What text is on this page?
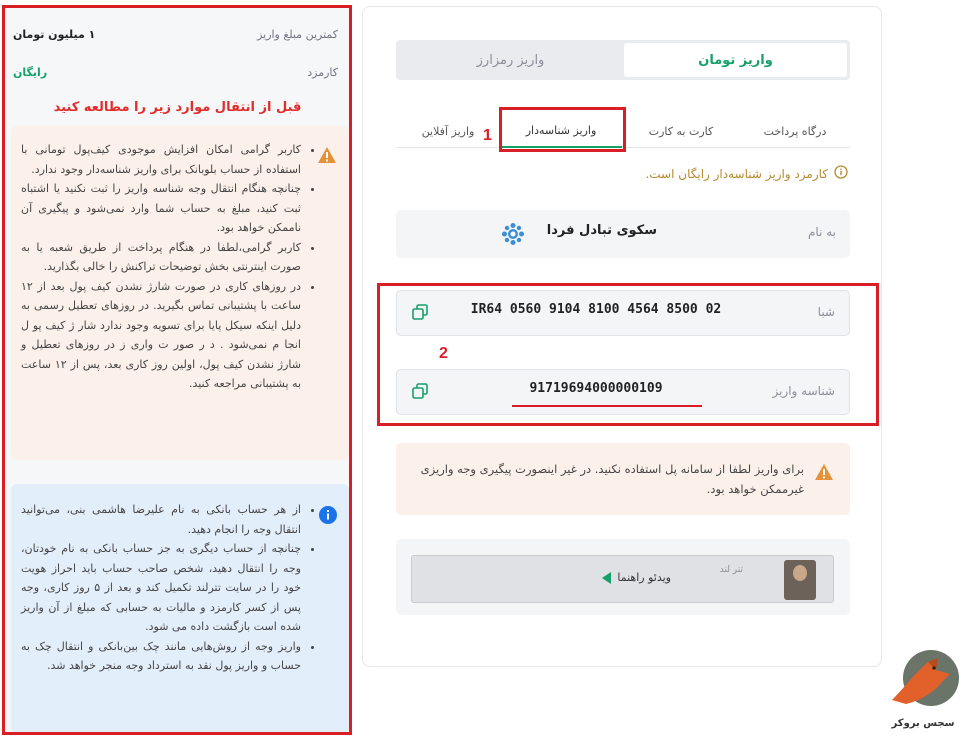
کمترین مبلغ واریز
۱ میلیون تومان
کارمزد
رایگان
قبل از انتقال موارد زیر را مطالعه کنید
• کاربر گرامی امکان افزایش موجودی کیف‌پول تومانی با استفاده از حساب بلوبانک برای واریز شناسه‌دار وجود ندارد.
• چنانچه هنگام انتقال وجه شناسه واریز را ثبت نکنید یا اشتباه ثبت کنید، مبلغ به حساب شما وارد نمی‌شود و پیگیری آن ناممکن خواهد بود.
• کاربر گرامی،لطفا در هنگام پرداخت از طریق شعبه یا به صورت اینترنتی بخش توضیحات تراکنش را خالی بگذارید.
• در روزهای کاری در صورت شارژ نشدن کیف پول بعد از ۱۲ ساعت با پشتیبانی تماس بگیرید. در روزهای تعطیل رسمی به دلیل اینکه سیکل پایا برای تسویه وجود ندارد شار ژ کیف پو ل انجا م نمی‌شود . د ر صور ت واری ز در روزهای تعطیل و شارژ نشدن کیف پول، اولین روز کاری بعد، پس از ۱۲ ساعت به پشتیبانی مراجعه کنید.
• از هر حساب بانکی به نام علیرضا هاشمی بنی، می‌توانید انتقال وجه را انجام دهید.
• چنانچه از حساب دیگری به جز حساب بانکی به نام خودتان، وجه را انتقال دهید، شخص صاحب حساب باید احراز هویت خود را در سایت تترلند تکمیل کند و بعد از ۵ روز کاری، وجه پس از کسر کارمزد و مالیات به حسابی که مبلغ از آن واریز شده است بازگشت داده می شود.
• واریز وجه از روش‌هایی مانند چک بین‌بانکی و انتقال چک به حساب و واریز پول نقد به استرداد وجه منجر خواهد شد.
واریز تومان
واریز رمزارز
درگاه پرداخت
کارت به کارت
واریز شناسه‌دار
واریز آفلاین 1
کارمزد واریز شناسه‌دار رایگان است.
به نام
سکوی تبادل فردا
2
شبا
IR64 0560 9104 8100 4564 8500 02
شناسه واریز
91719694000000109
برای واریز لطفا از سامانه پل استفاده نکنید. در غیر اینصورت پیگیری وجه واریزی غیرممکن خواهد بود.
تتر لند
ویدئو راهنما
سجس بروکر
